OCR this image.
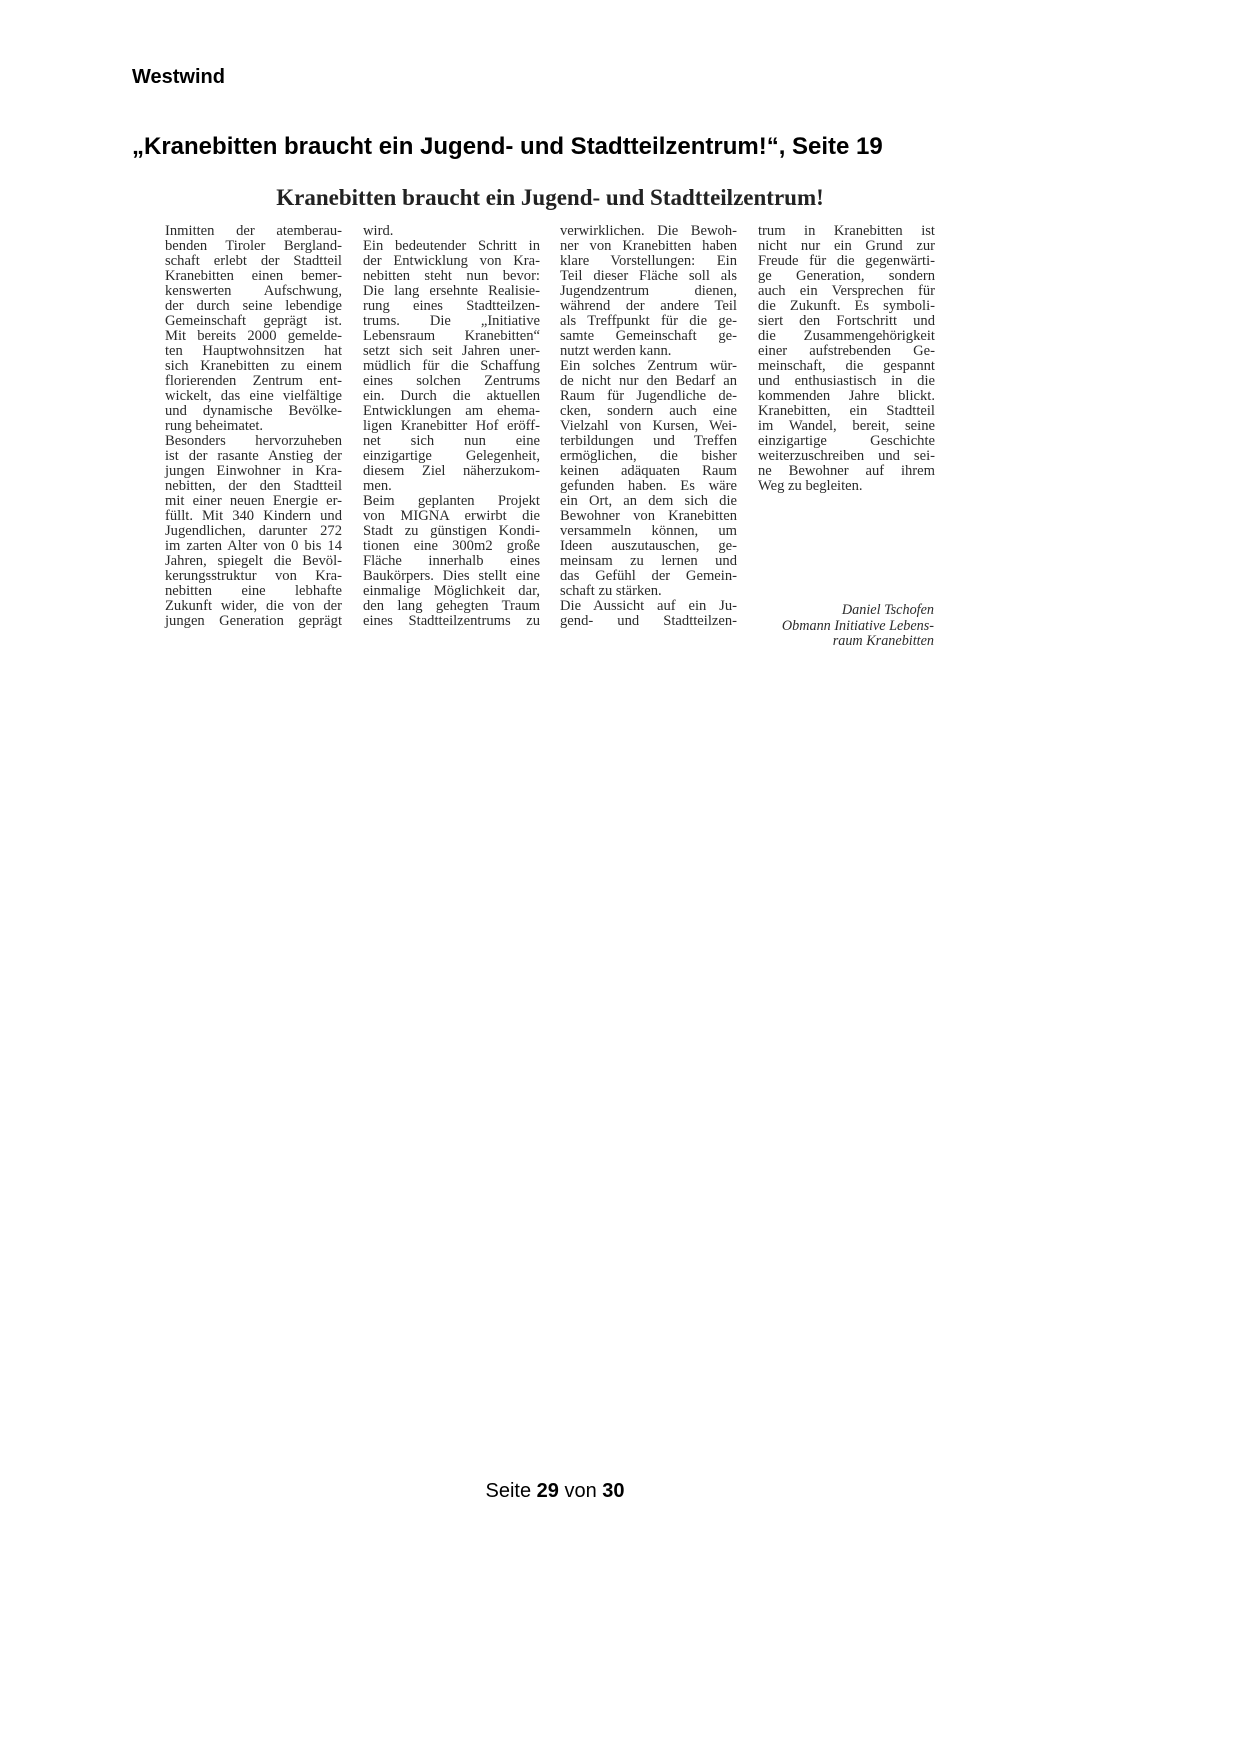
Westwind
„Kranebitten braucht ein Jugend- und Stadtteilzentrum!“, Seite 19
Kranebitten braucht ein Jugend- und Stadtteilzentrum!
Inmitten der atemberau-
benden Tiroler Bergland-
schaft erlebt der Stadtteil
Kranebitten einen bemer-
kenswerten Aufschwung,
der durch seine lebendige
Gemeinschaft geprägt ist.
Mit bereits 2000 gemelde-
ten Hauptwohnsitzen hat
sich Kranebitten zu einem
florierenden Zentrum ent-
wickelt, das eine vielfältige
und dynamische Bevölke-
rung beheimatet.
Besonders hervorzuheben
ist der rasante Anstieg der
jungen Einwohner in Kra-
nebitten, der den Stadtteil
mit einer neuen Energie er-
füllt. Mit 340 Kindern und
Jugendlichen, darunter 272
im zarten Alter von 0 bis 14
Jahren, spiegelt die Bevöl-
kerungsstruktur von Kra-
nebitten eine lebhafte
Zukunft wider, die von der
jungen Generation geprägt
wird.
Ein bedeutender Schritt in
der Entwicklung von Kra-
nebitten steht nun bevor:
Die lang ersehnte Realisie-
rung eines Stadtteilzen-
trums. Die „Initiative
Lebensraum Kranebitten“
setzt sich seit Jahren uner-
müdlich für die Schaffung
eines solchen Zentrums
ein. Durch die aktuellen
Entwicklungen am ehema-
ligen Kranebitter Hof eröff-
net sich nun eine
einzigartige Gelegenheit,
diesem Ziel näherzukom-
men.
Beim geplanten Projekt
von MIGNA erwirbt die
Stadt zu günstigen Kondi-
tionen eine 300m2 große
Fläche innerhalb eines
Baukörpers. Dies stellt eine
einmalige Möglichkeit dar,
den lang gehegten Traum
eines Stadtteilzentrums zu
verwirklichen. Die Bewoh-
ner von Kranebitten haben
klare Vorstellungen: Ein
Teil dieser Fläche soll als
Jugendzentrum dienen,
während der andere Teil
als Treffpunkt für die ge-
samte Gemeinschaft ge-
nutzt werden kann.
Ein solches Zentrum wür-
de nicht nur den Bedarf an
Raum für Jugendliche de-
cken, sondern auch eine
Vielzahl von Kursen, Wei-
terbildungen und Treffen
ermöglichen, die bisher
keinen adäquaten Raum
gefunden haben. Es wäre
ein Ort, an dem sich die
Bewohner von Kranebitten
versammeln können, um
Ideen auszutauschen, ge-
meinsam zu lernen und
das Gefühl der Gemein-
schaft zu stärken.
Die Aussicht auf ein Ju-
gend- und Stadtteilzen-
trum in Kranebitten ist
nicht nur ein Grund zur
Freude für die gegenwärti-
ge Generation, sondern
auch ein Versprechen für
die Zukunft. Es symboli-
siert den Fortschritt und
die Zusammengehörigkeit
einer aufstrebenden Ge-
meinschaft, die gespannt
und enthusiastisch in die
kommenden Jahre blickt.
Kranebitten, ein Stadtteil
im Wandel, bereit, seine
einzigartige Geschichte
weiterzuschreiben und sei-
ne Bewohner auf ihrem
Weg zu begleiten.
Daniel Tschofen
Obmann Initiative Lebens-
raum Kranebitten
Seite 29 von 30
